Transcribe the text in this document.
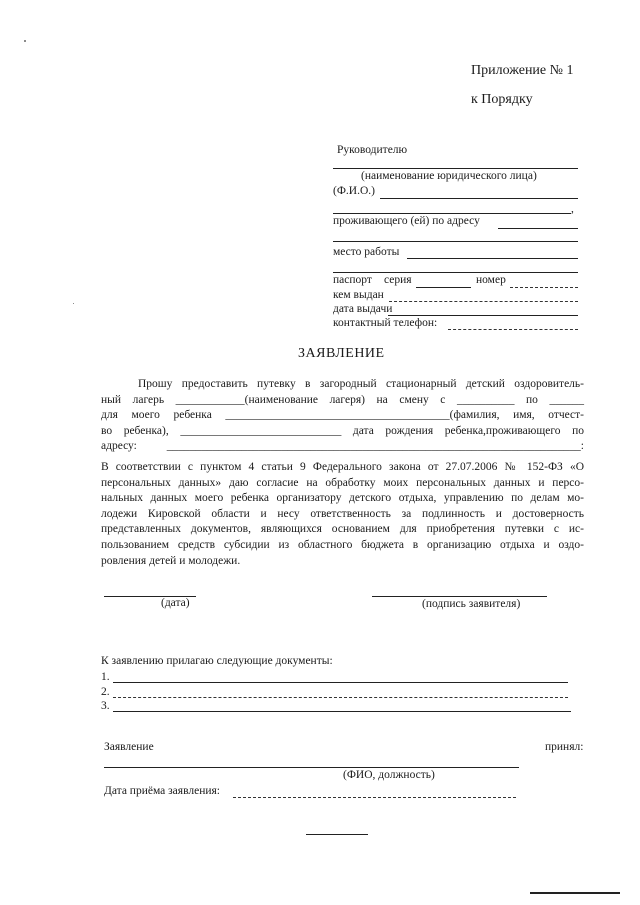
Приложение № 1
к Порядку
Руководителю
(наименование юридического лица)
(Ф.И.О.)
,
проживающего (ей) по адресу
место работы
паспорт серия	номер
кем выдан
дата выдачи
контактный телефон:
ЗАЯВЛЕНИЕ
Прошу предоставить путевку в загородный стационарный детский оздоровитель-
ный лагерь ____________(наименование лагеря) на смену с __________ по ______
для моего ребенка _______________________________________(фамилия, имя, отчест-
во ребенка), ____________________________ дата рождения ребенка,проживающего по
адресу: ________________________________________________________________________:
В соответствии с пунктом 4 статьи 9 Федерального закона от 27.07.2006 № 152-ФЗ «О
персональных данных» даю согласие на обработку моих персональных данных и персо-
нальных данных моего ребенка организатору детского отдыха, управлению по делам мо-
лодежи Кировской области и несу ответственность за подлинность и достоверность
представленных документов, являющихся основанием для приобретения путевки с ис-
пользованием средств субсидии из областного бюджета в организацию отдыха и оздо-
ровления детей и молодежи.
(дата)	(подпись заявителя)
К заявлению прилагаю следующие документы:
1.
2.
3.
Заявление	принял:
(ФИО, должность)
Дата приёма заявления:
